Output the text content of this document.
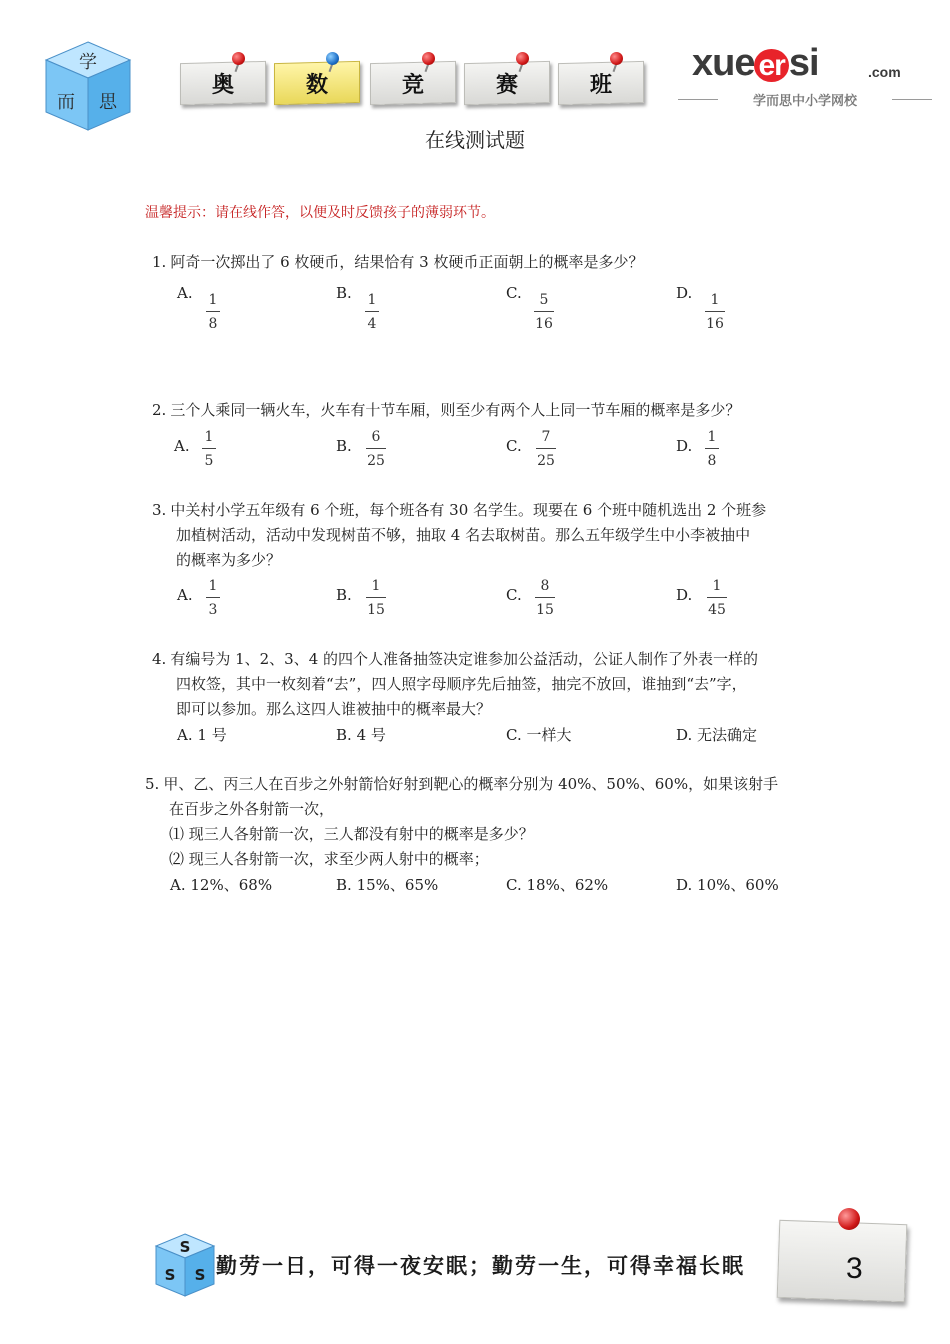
学
而 思
奥	数	竞	赛	班
xue er si	.com
学而思中小学网校
在线测试题
温馨提示：请在线作答，以便及时反馈孩子的薄弱环节。
1. 阿奇一次掷出了 6 枚硬币，结果恰有 3 枚硬币正面朝上的概率是多少？
A. 1
8
B. 1
4
C.	5
16
D.	1
16
2. 三个人乘同一辆火车，火车有十节车厢，则至少有两个人上同一节车厢的概率是多少？
A. 1
5
B.	6
25
C.	7
25
D. 1
8
3. 中关村小学五年级有 6 个班，每个班各有 30 名学生。现要在 6 个班中随机选出 2 个班参
加植树活动，活动中发现树苗不够，抽取 4 名去取树苗。那么五年级学生中小李被抽中
的概率为多少？
A. 1
3
B.	1
15
C.	8
15
D.	1
45
4. 有编号为 1、2、3、4 的四个人准备抽签决定谁参加公益活动，公证人制作了外表一样的
四枚签，其中一枚刻着“去”，四人照字母顺序先后抽签，抽完不放回，谁抽到“去”字，
即可以参加。那么这四人谁被抽中的概率最大？
A. 1 号	B. 4 号	C. 一样大	D. 无法确定
5. 甲、乙、丙三人在百步之外射箭恰好射到靶心的概率分别为 40%、50%、60%，如果该射手
在百步之外各射箭一次，
⑴ 现三人各射箭一次，三人都没有射中的概率是多少？
⑵ 现三人各射箭一次，求至少两人射中的概率；
A. 12%、68%	B. 15%、65%	C. 18%、62%	D. 10%、60%
S
S S 勤劳一日，可得一夜安眠；勤劳一生，可得幸福长眠	3
